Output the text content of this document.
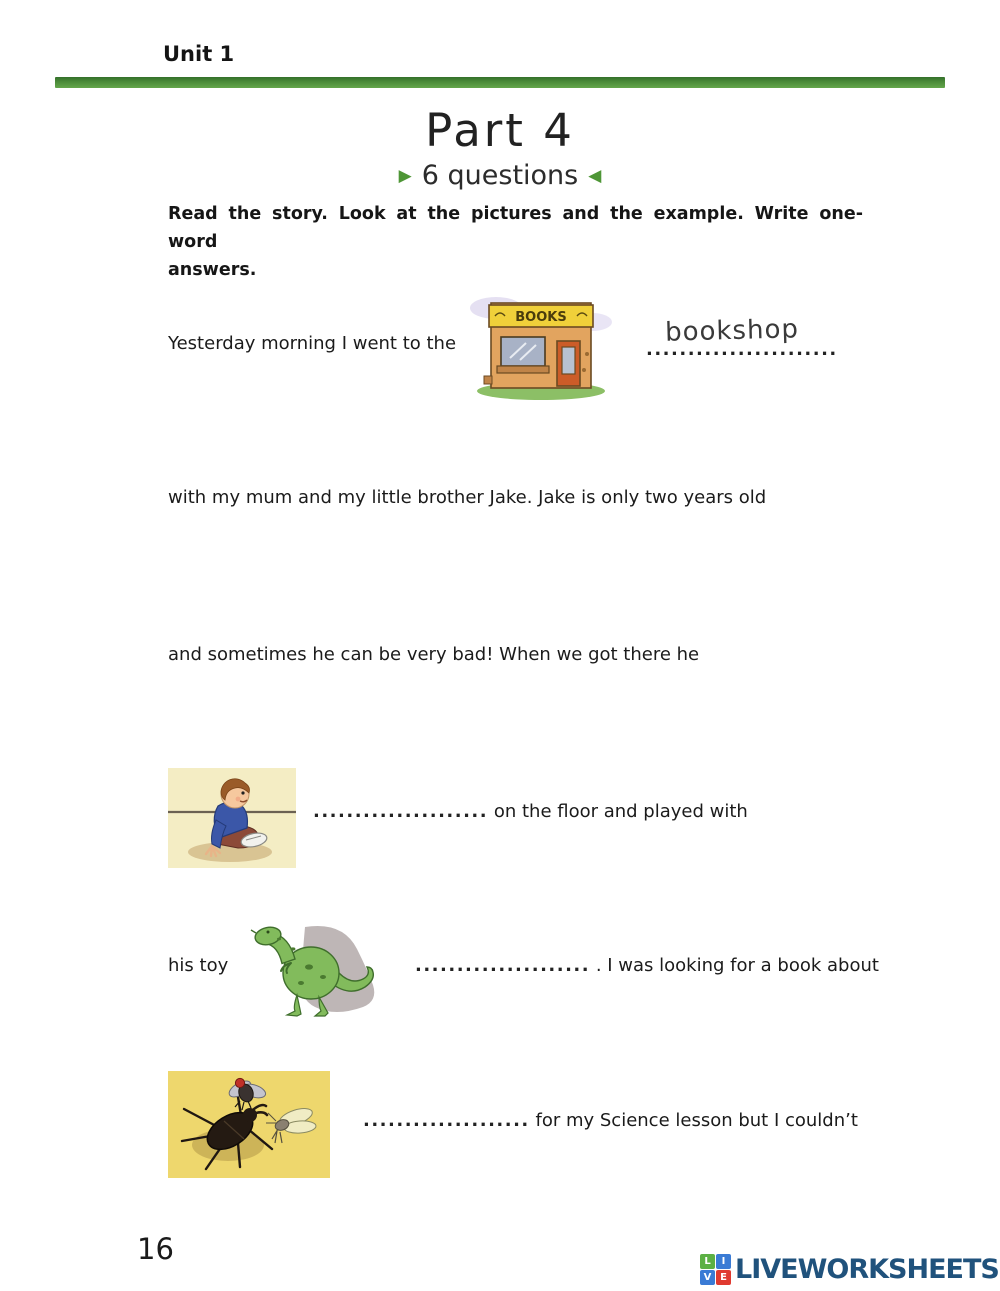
Unit 1
Part 4
▶ 6 questions ◀
Read the story. Look at the pictures and the example. Write one-word
answers.
Yesterday morning I went to the
BOOKS	bookshop
.......................
with my mum and my little brother Jake. Jake is only two years old
and sometimes he can be very bad! When we got there he
..................... on the floor and played with
his toy	..................... . I was looking for a book about
.................... for my Science lesson but I couldn’t
16	L	I
V E LIVEWORKSHEETS
